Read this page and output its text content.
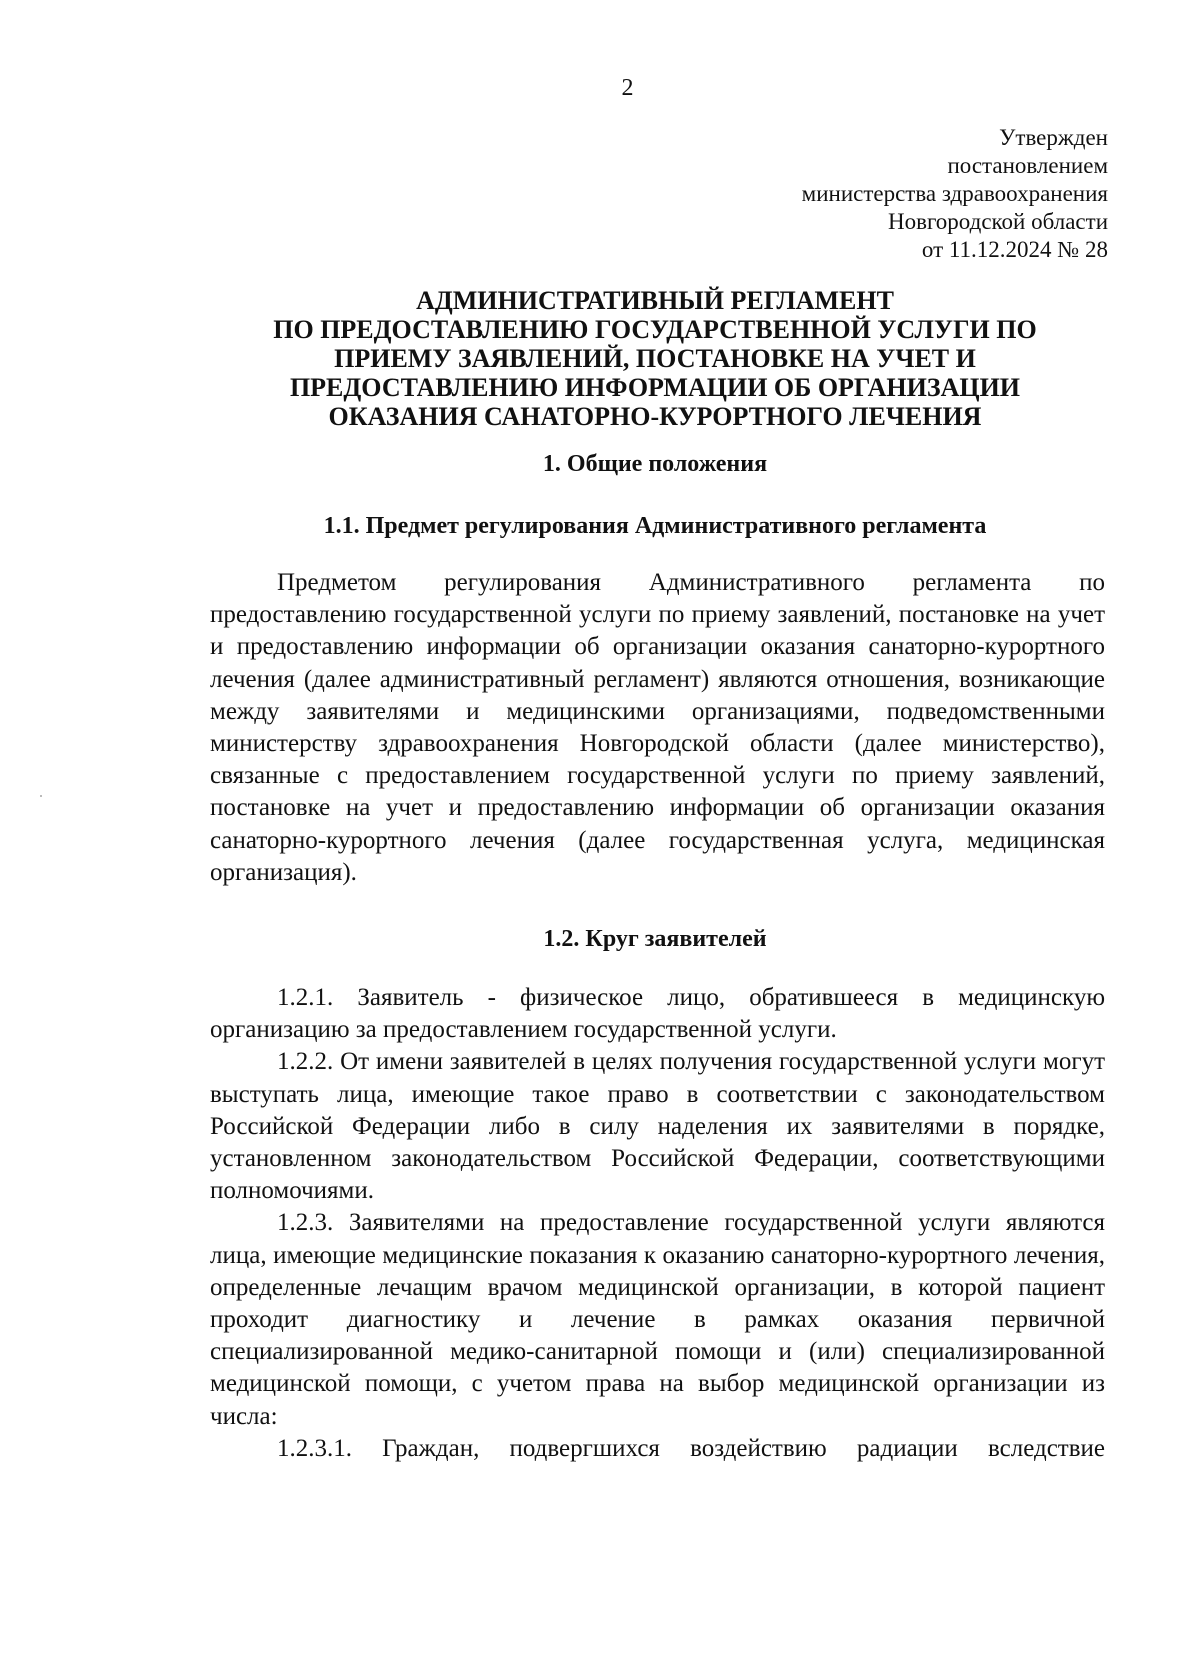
2
Утвержден
постановлением
министерства здравоохранения
Новгородской области
от 11.12.2024 № 28
АДМИНИСТРАТИВНЫЙ РЕГЛАМЕНТ
ПО ПРЕДОСТАВЛЕНИЮ ГОСУДАРСТВЕННОЙ УСЛУГИ ПО
ПРИЕМУ ЗАЯВЛЕНИЙ, ПОСТАНОВКЕ НА УЧЕТ И
ПРЕДОСТАВЛЕНИЮ ИНФОРМАЦИИ ОБ ОРГАНИЗАЦИИ
ОКАЗАНИЯ САНАТОРНО-КУРОРТНОГО ЛЕЧЕНИЯ
1. Общие положения
1.1. Предмет регулирования Административного регламента

Предметом регулирования Административного регламента по предоставлению государственной услуги по приему заявлений, постановке на учет и предоставлению информации об организации оказания санаторно-курортного лечения (далее административный регламент) являются отношения, возникающие между заявителями и медицинскими организациями, подведомственными министерству здравоохранения Новгородской области (далее министерство), связанные с предоставлением государственной услуги по приему заявлений, постановке на учет и предоставлению информации об организации оказания санаторно-курортного лечения (далее государственная услуга, медицинская организация).

1.2. Круг заявителей

1.2.1. Заявитель - физическое лицо, обратившееся в медицинскую организацию за предоставлением государственной услуги.

1.2.2. От имени заявителей в целях получения государственной услуги могут выступать лица, имеющие такое право в соответствии с законодательством Российской Федерации либо в силу наделения их заявителями в порядке, установленном законодательством Российской Федерации, соответствующими полномочиями.

1.2.3. Заявителями на предоставление государственной услуги являются лица, имеющие медицинские показания к оказанию санаторно-курортного лечения, определенные лечащим врачом медицинской организации, в которой пациент проходит диагностику и лечение в рамках оказания первичной специализированной медико-санитарной помощи и (или) специализированной медицинской помощи, с учетом права на выбор медицинской организации из числа:

1.2.3.1. Граждан, подвергшихся воздействию радиации вследствие
